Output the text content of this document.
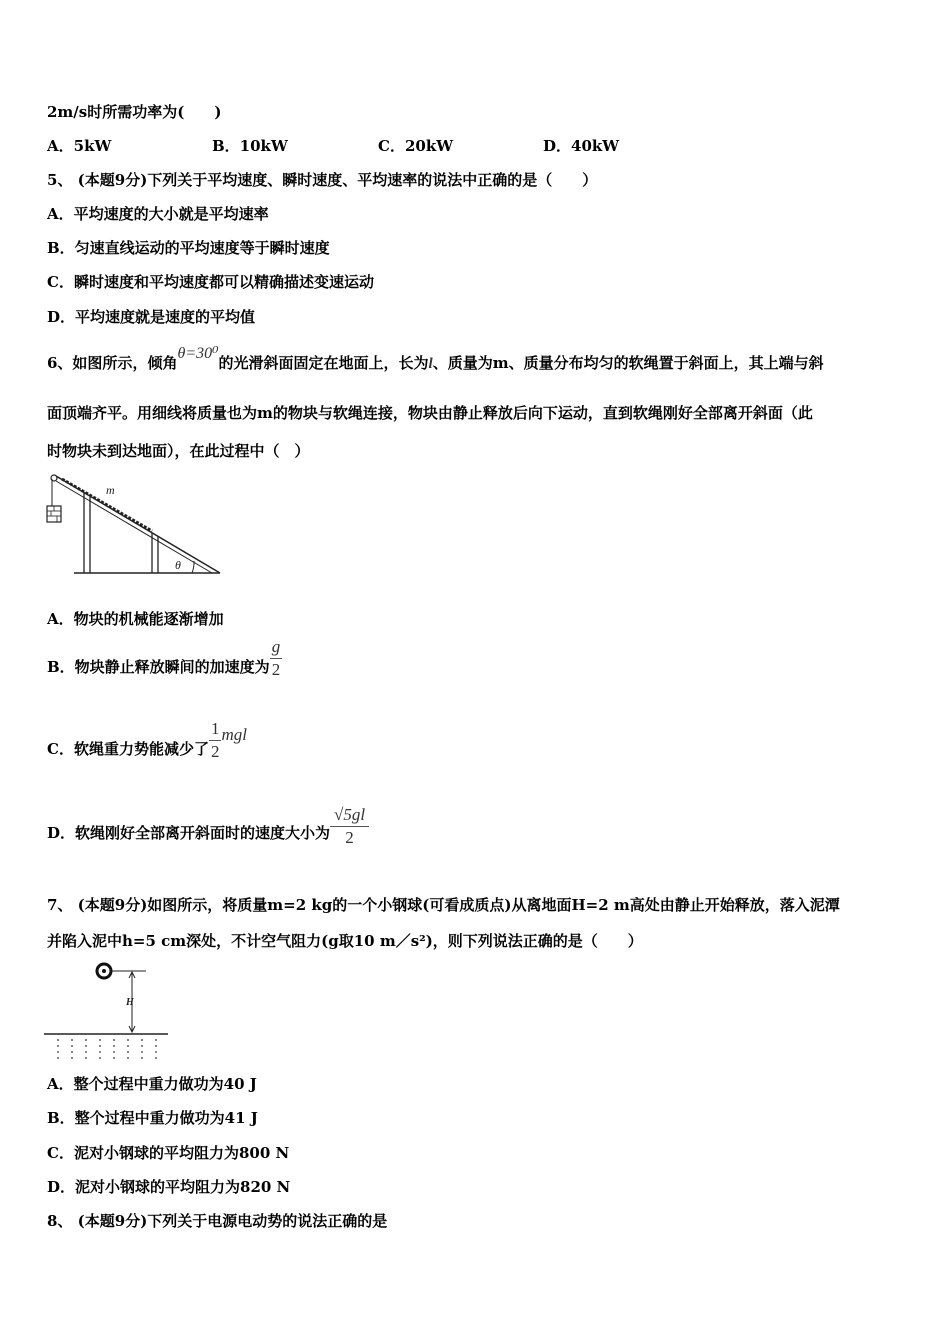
2m/s时所需功率为(　　)
A．5kW	B．10kW	C．20kW	D．40kW
5、 (本题9分)下列关于平均速度、瞬时速度、平均速率的说法中正确的是（　　）
A．平均速度的大小就是平均速率
B．匀速直线运动的平均速度等于瞬时速度
C．瞬时速度和平均速度都可以精确描述变速运动
D．平均速度就是速度的平均值
6、如图所示，倾角θ=30⁰的光滑斜面固定在地面上，长为l、质量为m、质量分布均匀的软绳置于斜面上，其上端与斜
面顶端齐平。用细线将质量也为m的物块与软绳连接，物块由静止释放后向下运动，直到软绳刚好全部离开斜面（此
时物块未到达地面），在此过程中（　）
m
θ
A．物块的机械能逐渐增加
B．物块静止释放瞬间的加速度为 $\frac{g}{2}$
C．软绳重力势能减少了 $\frac{1}{2}$ mgl
D．软绳刚好全部离开斜面时的速度大小为 $\frac{√5gl}{2}$
7、 (本题9分)如图所示，将质量m=2 kg的一个小钢球(可看成质点)从离地面H=2 m高处由静止开始释放，落入泥潭
并陷入泥中h=5 cm深处，不计空气阻力(g取10 m／s²)，则下列说法正确的是（　　）
H
A．整个过程中重力做功为40 J
B．整个过程中重力做功为41 J
C．泥对小钢球的平均阻力为800 N
D．泥对小钢球的平均阻力为820 N
8、 (本题9分)下列关于电源电动势的说法正确的是
